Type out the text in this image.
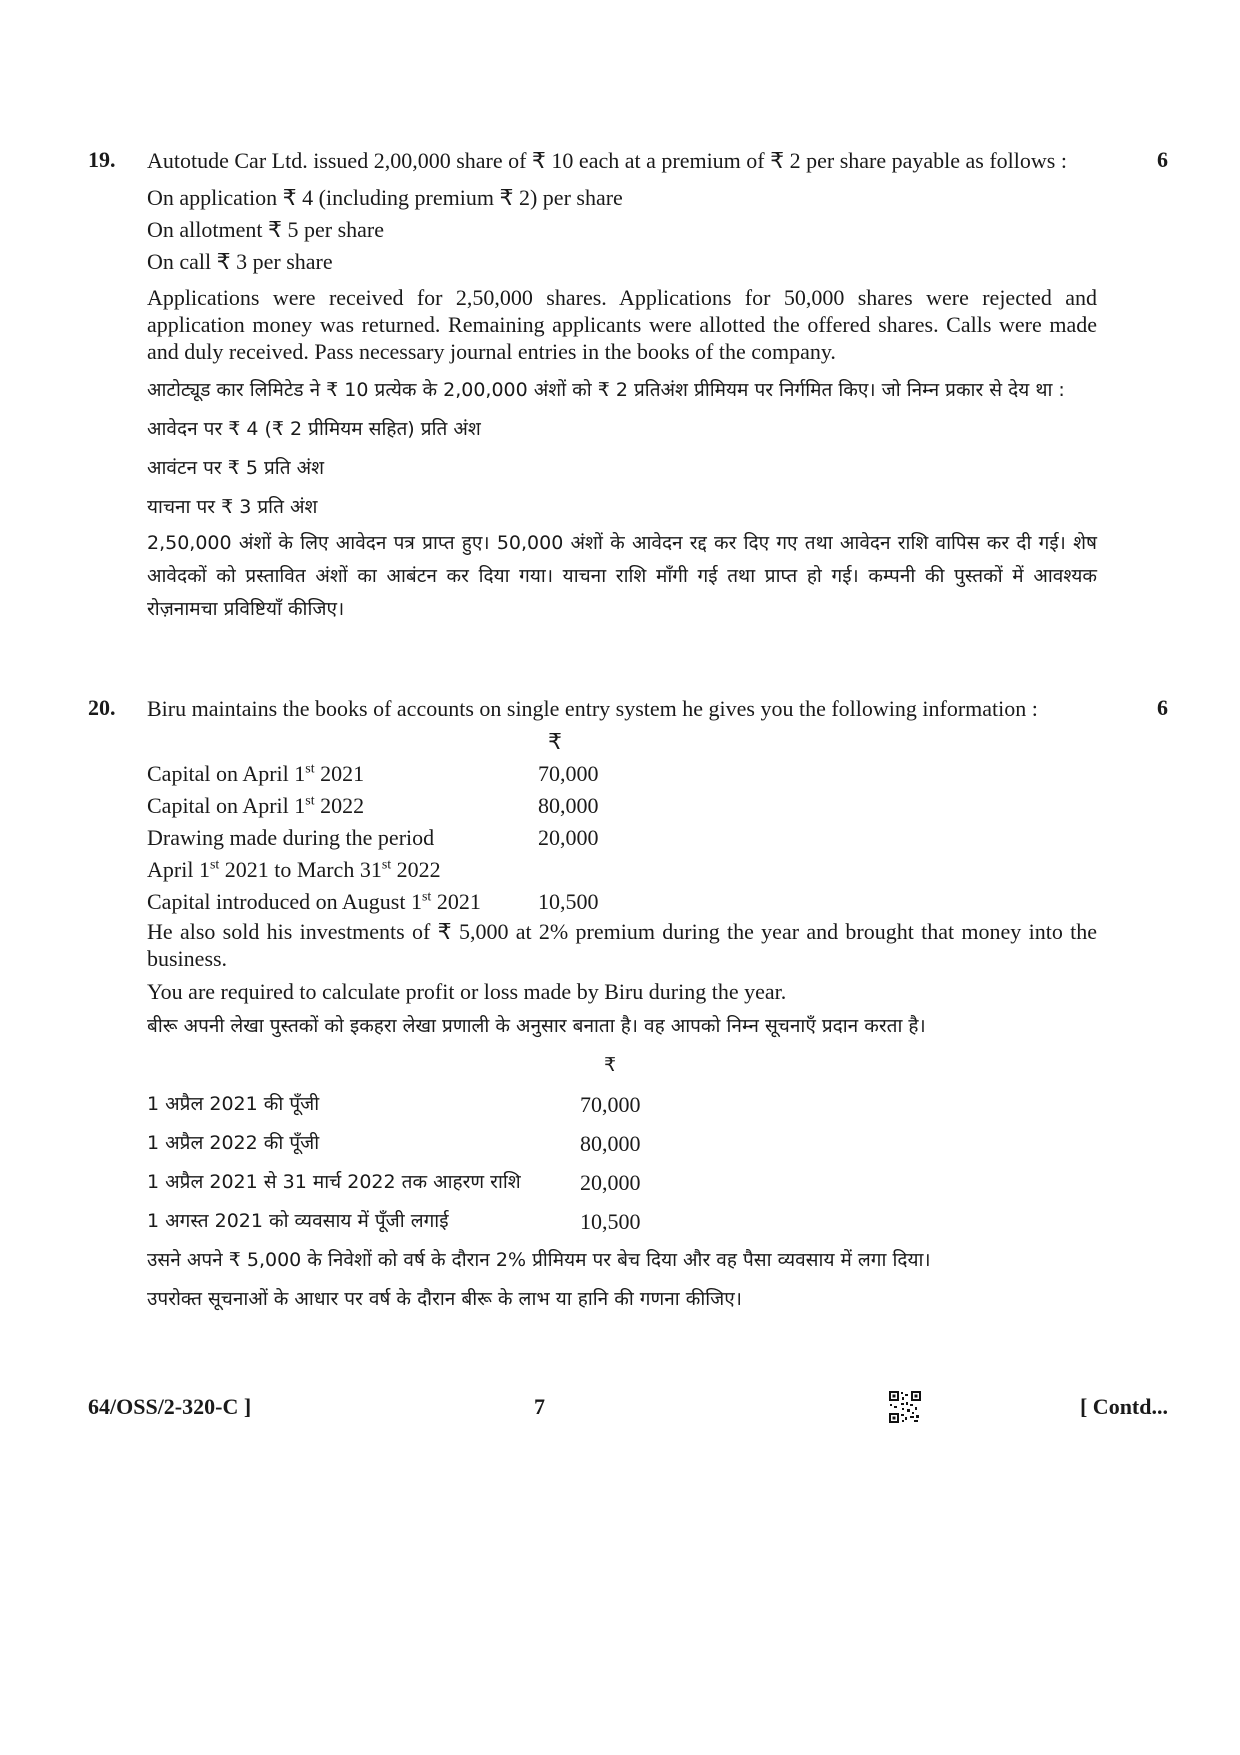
19.	6

Autotude Car Ltd. issued 2,00,000 share of ₹ 10 each at a premium of ₹ 2 per share payable as follows :

On application ₹ 4 (including premium ₹ 2) per share

On allotment ₹ 5 per share

On call ₹ 3 per share

Applications were received for 2,50,000 shares. Applications for 50,000 shares were rejected and application money was returned. Remaining applicants were allotted the offered shares. Calls were made and duly received. Pass necessary journal entries in the books of the company.

आटोट्यूड कार लिमिटेड ने ₹ 10 प्रत्येक के 2,00,000 अंशों को ₹ 2 प्रतिअंश प्रीमियम पर निर्गमित किए। जो निम्न प्रकार से देय था :

आवेदन पर ₹ 4 (₹ 2 प्रीमियम सहित) प्रति अंश

आवंटन पर ₹ 5 प्रति अंश

याचना पर ₹ 3 प्रति अंश

2,50,000 अंशों के लिए आवेदन पत्र प्राप्त हुए। 50,000 अंशों के आवेदन रद्द कर दिए गए तथा आवेदन राशि वापिस कर दी गई। शेष आवेदकों को प्रस्तावित अंशों का आबंटन कर दिया गया। याचना राशि माँगी गई तथा प्राप्त हो गई। कम्पनी की पुस्तकों में आवश्यक रोज़नामचा प्रविष्टियाँ कीजिए।

20.	6

Biru maintains the books of accounts on single entry system he gives you the following information :

	₹
Capital on April 1st 2021	70,000
Capital on April 1st 2022	80,000
Drawing made during the period	20,000
April 1st 2021 to March 31st 2022	
Capital introduced on August 1st 2021	10,500

He also sold his investments of ₹ 5,000 at 2% premium during the year and brought that money into the business.

You are required to calculate profit or loss made by Biru during the year.

बीरू अपनी लेखा पुस्तकों को इकहरा लेखा प्रणाली के अनुसार बनाता है। वह आपको निम्न सूचनाएँ प्रदान करता है।

	₹
1 अप्रैल 2021 की पूँजी	70,000
1 अप्रैल 2022 की पूँजी	80,000
1 अप्रैल 2021 से 31 मार्च 2022 तक आहरण राशि	20,000
1 अगस्त 2021 को व्यवसाय में पूँजी लगाई	10,500

उसने अपने ₹ 5,000 के निवेशों को वर्ष के दौरान 2% प्रीमियम पर बेच दिया और वह पैसा व्यवसाय में लगा दिया।

उपरोक्त सूचनाओं के आधार पर वर्ष के दौरान बीरू के लाभ या हानि की गणना कीजिए।

64/OSS/2-320-C ]	7	[ Contd...
